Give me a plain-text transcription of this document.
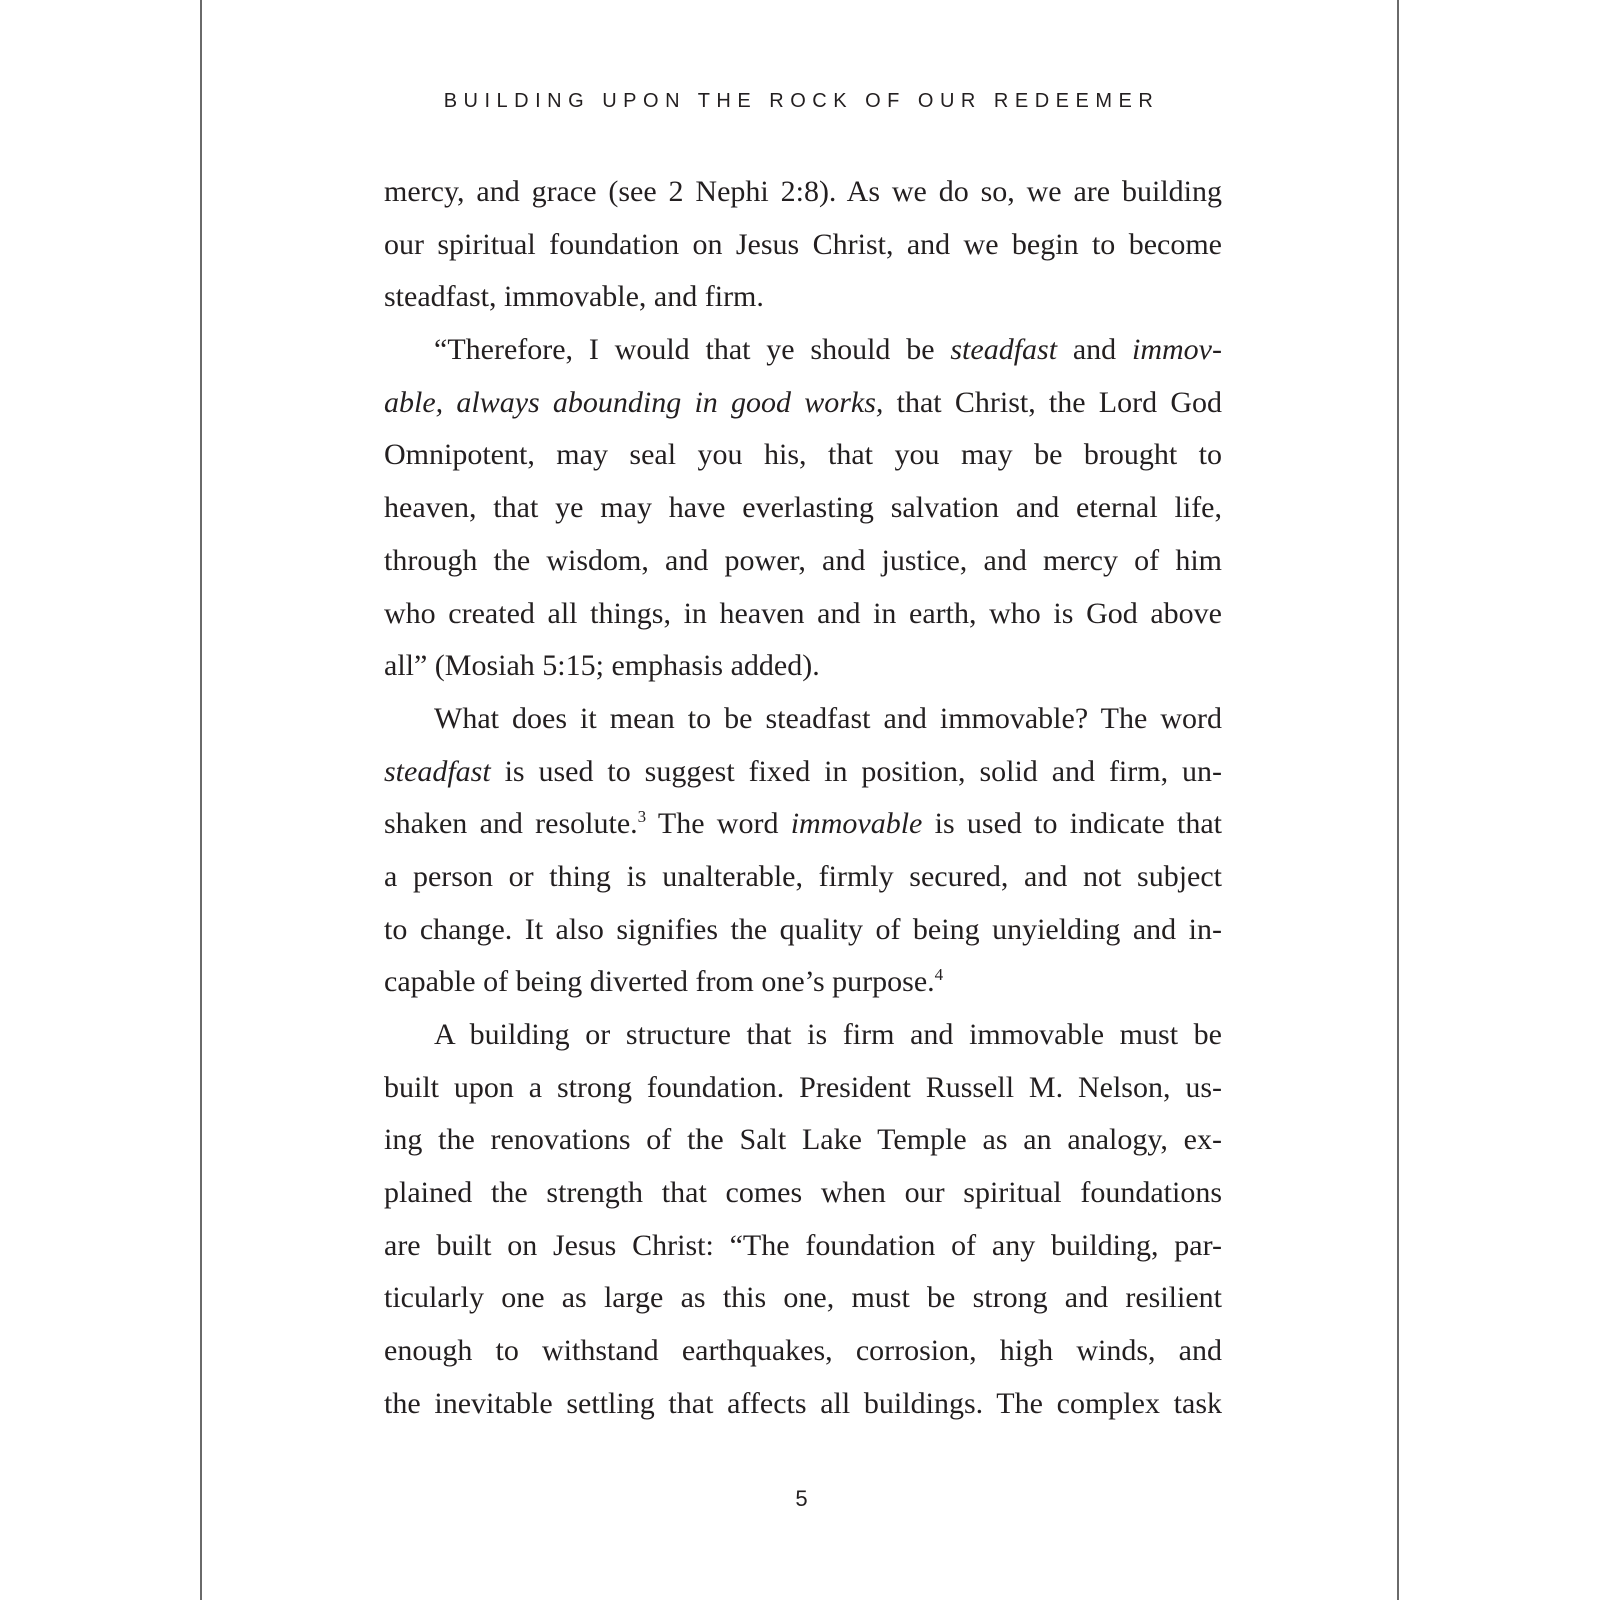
BUILDING UPON THE ROCK OF OUR REDEEMER
mercy, and grace (see 2 Nephi 2:8). As we do so, we are building
our spiritual foundation on Jesus Christ, and we begin to become
steadfast, immovable, and firm.
“Therefore, I would that ye should be steadfast and immov-
able, always abounding in good works, that Christ, the Lord God
Omnipotent, may seal you his, that you may be brought to
heaven, that ye may have everlasting salvation and eternal life,
through the wisdom, and power, and justice, and mercy of him
who created all things, in heaven and in earth, who is God above
all” (Mosiah 5:15; emphasis added).
What does it mean to be steadfast and immovable? The word
steadfast is used to suggest fixed in position, solid and firm, un-
shaken and resolute.$^3$ The word immovable is used to indicate that
a person or thing is unalterable, firmly secured, and not subject
to change. It also signifies the quality of being unyielding and in-
capable of being diverted from one’s purpose.$^4$
A building or structure that is firm and immovable must be
built upon a strong foundation. President Russell M. Nelson, us-
ing the renovations of the Salt Lake Temple as an analogy, ex-
plained the strength that comes when our spiritual foundations
are built on Jesus Christ: “The foundation of any building, par-
ticularly one as large as this one, must be strong and resilient
enough to withstand earthquakes, corrosion, high winds, and
the inevitable settling that affects all buildings. The complex task
5
